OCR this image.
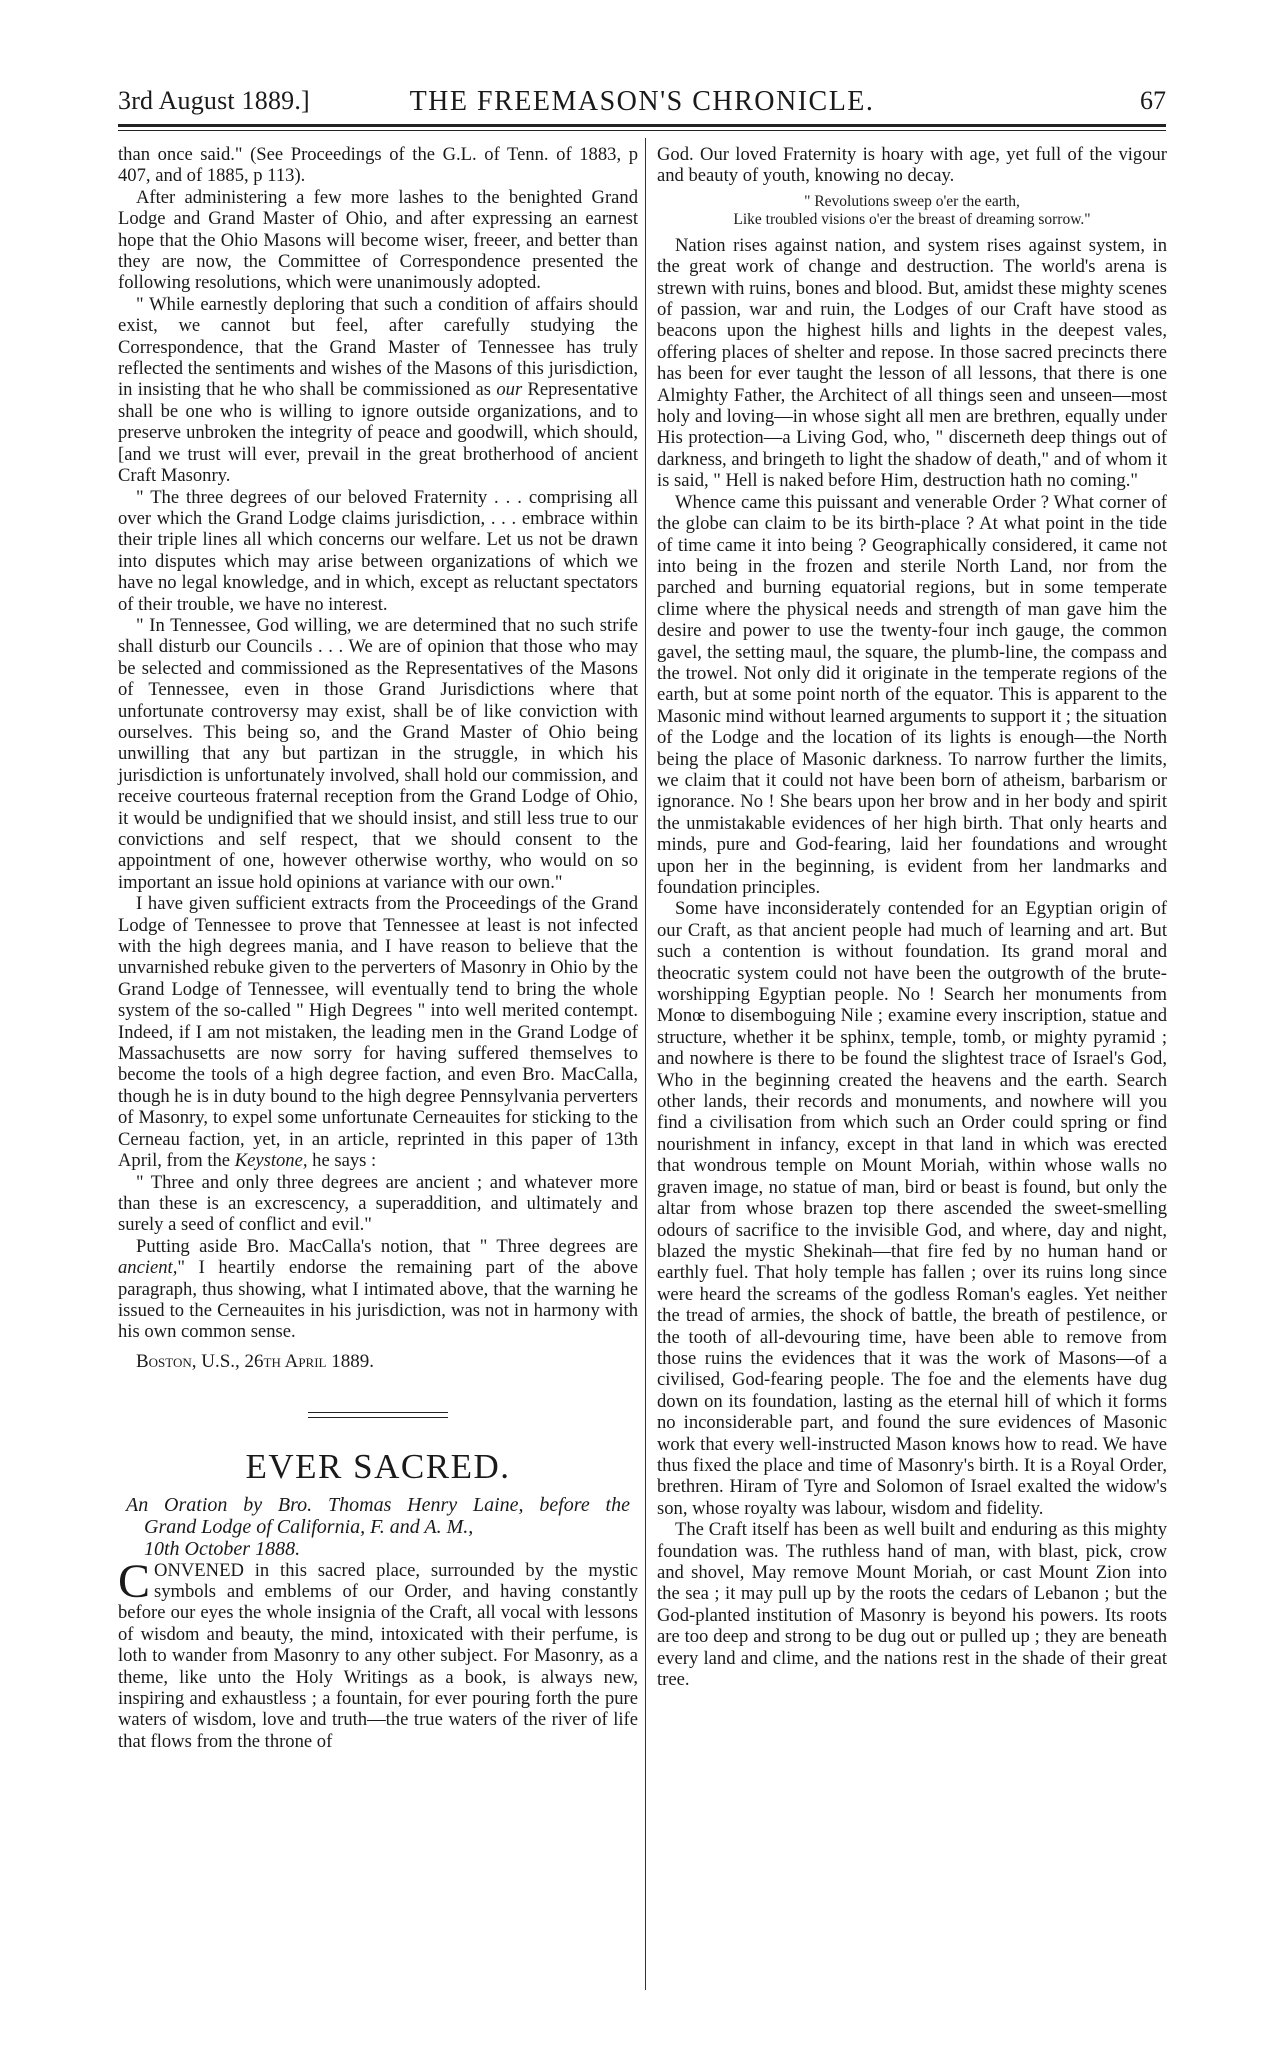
3rd August 1889.]	THE FREEMASON'S CHRONICLE.	67

than once said." (See Proceedings of the G.L. of Tenn. of 1883, p 407, and of 1885, p 113).

After administering a few more lashes to the benighted Grand Lodge and Grand Master of Ohio, and after expressing an earnest hope that the Ohio Masons will become wiser, freeer, and better than they are now, the Committee of Correspondence presented the following resolutions, which were unanimously adopted.

" While earnestly deploring that such a condition of affairs should exist, we cannot but feel, after carefully studying the Correspondence, that the Grand Master of Tennessee has truly reflected the sentiments and wishes of the Masons of this jurisdiction, in insisting that he who shall be commissioned as our Representative shall be one who is willing to ignore outside organizations, and to preserve unbroken the integrity of peace and goodwill, which should, [and we trust will ever, prevail in the great brotherhood of ancient Craft Masonry.

" The three degrees of our beloved Fraternity . . . comprising all over which the Grand Lodge claims jurisdiction, . . . embrace within their triple lines all which concerns our welfare. Let us not be drawn into disputes which may arise between organizations of which we have no legal knowledge, and in which, except as reluctant spectators of their trouble, we have no interest.

" In Tennessee, God willing, we are determined that no such strife shall disturb our Councils . . . We are of opinion that those who may be selected and commissioned as the Representatives of the Masons of Tennessee, even in those Grand Jurisdictions where that unfortunate controversy may exist, shall be of like conviction with ourselves. This being so, and the Grand Master of Ohio being unwilling that any but partizan in the struggle, in which his jurisdiction is unfortunately involved, shall hold our commission, and receive courteous fraternal reception from the Grand Lodge of Ohio, it would be undignified that we should insist, and still less true to our convictions and self respect, that we should consent to the appointment of one, however otherwise worthy, who would on so important an issue hold opinions at variance with our own."

I have given sufficient extracts from the Proceedings of the Grand Lodge of Tennessee to prove that Tennessee at least is not infected with the high degrees mania, and I have reason to believe that the unvarnished rebuke given to the perverters of Masonry in Ohio by the Grand Lodge of Tennessee, will eventually tend to bring the whole system of the so-called " High Degrees " into well merited contempt. Indeed, if I am not mistaken, the leading men in the Grand Lodge of Massachusetts are now sorry for having suffered themselves to become the tools of a high degree faction, and even Bro. MacCalla, though he is in duty bound to the high degree Pennsylvania perverters of Masonry, to expel some unfortunate Cerneauites for sticking to the Cerneau faction, yet, in an article, reprinted in this paper of 13th April, from the Keystone, he says :

" Three and only three degrees are ancient ; and whatever more than these is an excrescency, a superaddition, and ultimately and surely a seed of conflict and evil."

Putting aside Bro. MacCalla's notion, that " Three degrees are ancient," I heartily endorse the remaining part of the above paragraph, thus showing, what I intimated above, that the warning he issued to the Cerneauites in his jurisdiction, was not in harmony with his own common sense.

Boston, U.S., 26th April 1889.

EVER SACRED.
An Oration by Bro. Thomas Henry Laine, before the
Grand Lodge of California, F. and A. M.,
10th October 1888.

CONVENED in this sacred place, surrounded by the mystic symbols and emblems of our Order, and having constantly before our eyes the whole insignia of the Craft, all vocal with lessons of wisdom and beauty, the mind, intoxicated with their perfume, is loth to wander from Masonry to any other subject. For Masonry, as a theme, like unto the Holy Writings as a book, is always new, inspiring and exhaustless ; a fountain, for ever pouring forth the pure waters of wisdom, love and truth—the true waters of the river of life that flows from the throne of

God. Our loved Fraternity is hoary with age, yet full of the vigour and beauty of youth, knowing no decay.

" Revolutions sweep o'er the earth,
Like troubled visions o'er the breast of dreaming sorrow."

Nation rises against nation, and system rises against system, in the great work of change and destruction. The world's arena is strewn with ruins, bones and blood. But, amidst these mighty scenes of passion, war and ruin, the Lodges of our Craft have stood as beacons upon the highest hills and lights in the deepest vales, offering places of shelter and repose. In those sacred precincts there has been for ever taught the lesson of all lessons, that there is one Almighty Father, the Architect of all things seen and unseen—most holy and loving—in whose sight all men are brethren, equally under His protection—a Living God, who, " discerneth deep things out of darkness, and bringeth to light the shadow of death," and of whom it is said, " Hell is naked before Him, destruction hath no coming."

Whence came this puissant and venerable Order ? What corner of the globe can claim to be its birth-place ? At what point in the tide of time came it into being ? Geographically considered, it came not into being in the frozen and sterile North Land, nor from the parched and burning equatorial regions, but in some temperate clime where the physical needs and strength of man gave him the desire and power to use the twenty-four inch gauge, the common gavel, the setting maul, the square, the plumb-line, the compass and the trowel. Not only did it originate in the temperate regions of the earth, but at some point north of the equator. This is apparent to the Masonic mind without learned arguments to support it ; the situation of the Lodge and the location of its lights is enough—the North being the place of Masonic darkness. To narrow further the limits, we claim that it could not have been born of atheism, barbarism or ignorance. No ! She bears upon her brow and in her body and spirit the unmistakable evidences of her high birth. That only hearts and minds, pure and God-fearing, laid her foundations and wrought upon her in the beginning, is evident from her landmarks and foundation principles.

Some have inconsiderately contended for an Egyptian origin of our Craft, as that ancient people had much of learning and art. But such a contention is without foundation. Its grand moral and theocratic system could not have been the outgrowth of the brute-worshipping Egyptian people. No ! Search her monuments from Monœ to disemboguing Nile ; examine every inscription, statue and structure, whether it be sphinx, temple, tomb, or mighty pyramid ; and nowhere is there to be found the slightest trace of Israel's God, Who in the beginning created the heavens and the earth. Search other lands, their records and monuments, and nowhere will you find a civilisation from which such an Order could spring or find nourishment in infancy, except in that land in which was erected that wondrous temple on Mount Moriah, within whose walls no graven image, no statue of man, bird or beast is found, but only the altar from whose brazen top there ascended the sweet-smelling odours of sacrifice to the invisible God, and where, day and night, blazed the mystic Shekinah—that fire fed by no human hand or earthly fuel. That holy temple has fallen ; over its ruins long since were heard the screams of the godless Roman's eagles. Yet neither the tread of armies, the shock of battle, the breath of pestilence, or the tooth of all-devouring time, have been able to remove from those ruins the evidences that it was the work of Masons—of a civilised, God-fearing people. The foe and the elements have dug down on its foundation, lasting as the eternal hill of which it forms no inconsiderable part, and found the sure evidences of Masonic work that every well-instructed Mason knows how to read. We have thus fixed the place and time of Masonry's birth. It is a Royal Order, brethren. Hiram of Tyre and Solomon of Israel exalted the widow's son, whose royalty was labour, wisdom and fidelity.

The Craft itself has been as well built and enduring as this mighty foundation was. The ruthless hand of man, with blast, pick, crow and shovel, May remove Mount Moriah, or cast Mount Zion into the sea ; it may pull up by the roots the cedars of Lebanon ; but the God-planted institution of Masonry is beyond his powers. Its roots are too deep and strong to be dug out or pulled up ; they are beneath every land and clime, and the nations rest in the shade of their great tree.
